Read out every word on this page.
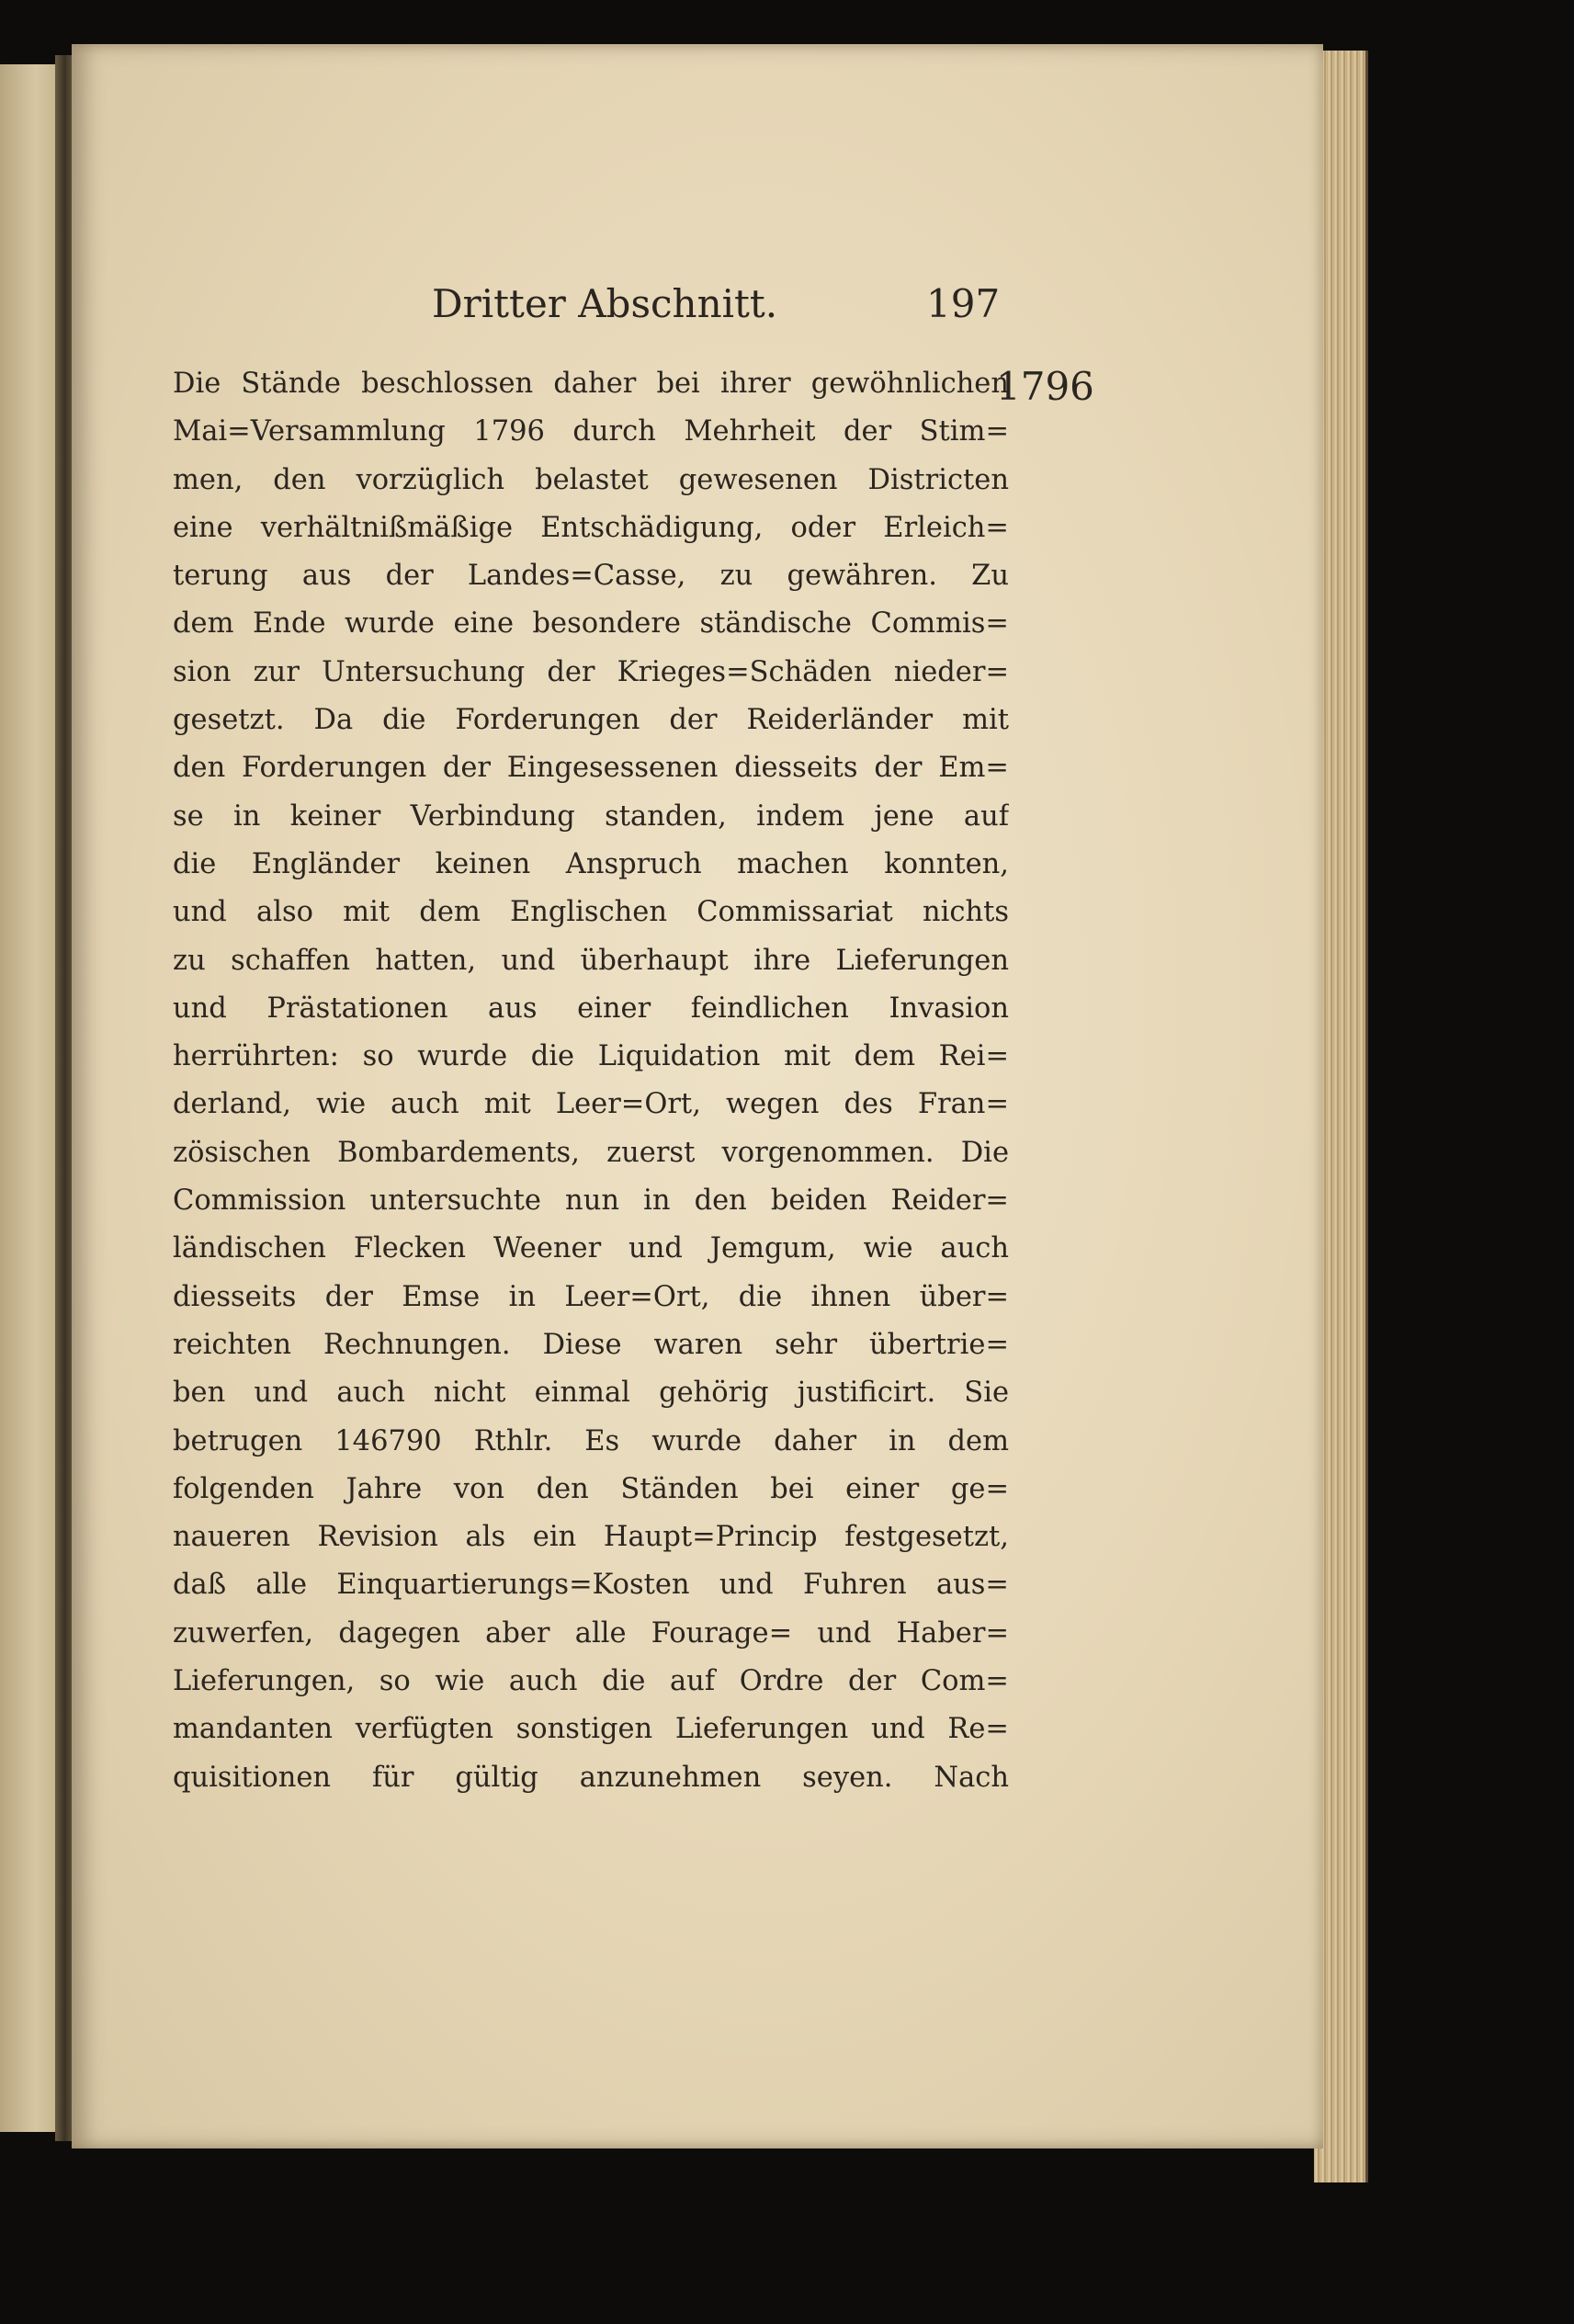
Dritter Abschnitt.	197
1796
Die Stände beschlossen daher bei ihrer gewöhnlichen
Mai=Versammlung 1796 durch Mehrheit der Stim=
men, den vorzüglich belastet gewesenen Districten
eine verhältnißmäßige Entschädigung, oder Erleich=
terung aus der Landes=Casse, zu gewähren. Zu
dem Ende wurde eine besondere ständische Commis=
sion zur Untersuchung der Krieges=Schäden nieder=
gesetzt. Da die Forderungen der Reiderländer mit
den Forderungen der Eingesessenen diesseits der Em=
se in keiner Verbindung standen, indem jene auf
die Engländer keinen Anspruch machen konnten,
und also mit dem Englischen Commissariat nichts
zu schaffen hatten, und überhaupt ihre Lieferungen
und Prästationen aus einer feindlichen Invasion
herrührten: so wurde die Liquidation mit dem Rei=
derland, wie auch mit Leer=Ort, wegen des Fran=
zösischen Bombardements, zuerst vorgenommen. Die
Commission untersuchte nun in den beiden Reider=
ländischen Flecken Weener und Jemgum, wie auch
diesseits der Emse in Leer=Ort, die ihnen über=
reichten Rechnungen. Diese waren sehr übertrie=
ben und auch nicht einmal gehörig justificirt. Sie
betrugen 146790 Rthlr. Es wurde daher in dem
folgenden Jahre von den Ständen bei einer ge=
naueren Revision als ein Haupt=Princip festgesetzt,
daß alle Einquartierungs=Kosten und Fuhren aus=
zuwerfen, dagegen aber alle Fourage= und Haber=
Lieferungen, so wie auch die auf Ordre der Com=
mandanten verfügten sonstigen Lieferungen und Re=
quisitionen für gültig anzunehmen seyen. Nach
